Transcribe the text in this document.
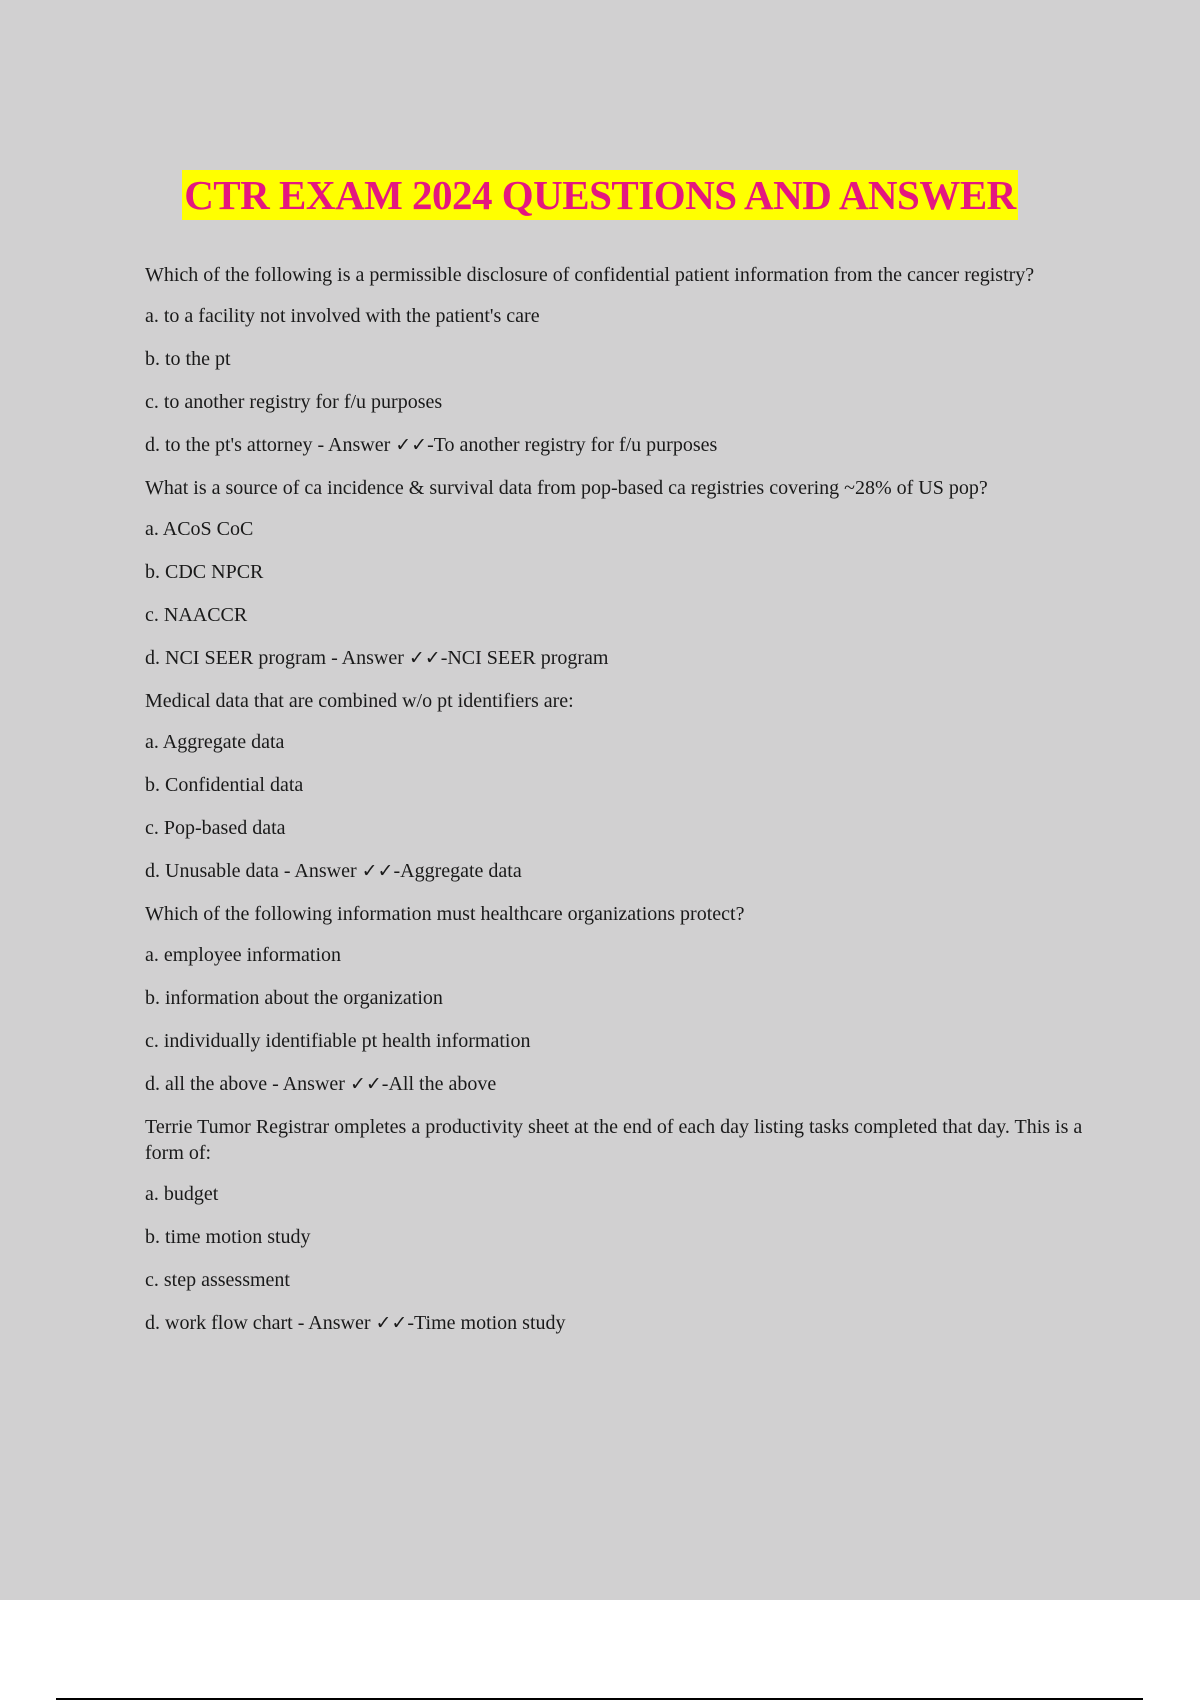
CTR EXAM 2024 QUESTIONS AND ANSWER
Which of the following is a permissible disclosure of confidential patient information from the cancer registry?
a. to a facility not involved with the patient's care
b. to the pt
c. to another registry for f/u purposes
d. to the pt's attorney - Answer ✓✓-To another registry for f/u purposes
What is a source of ca incidence & survival data from pop-based ca registries covering ~28% of US pop?
a. ACoS CoC
b. CDC NPCR
c. NAACCR
d. NCI SEER program - Answer ✓✓-NCI SEER program
Medical data that are combined w/o pt identifiers are:
a. Aggregate data
b. Confidential data
c. Pop-based data
d. Unusable data - Answer ✓✓-Aggregate data
Which of the following information must healthcare organizations protect?
a. employee information
b. information about the organization
c. individually identifiable pt health information
d. all the above - Answer ✓✓-All the above
Terrie Tumor Registrar ompletes a productivity sheet at the end of each day listing tasks completed that day. This is a form of:
a. budget
b. time motion study
c. step assessment
d. work flow chart - Answer ✓✓-Time motion study
